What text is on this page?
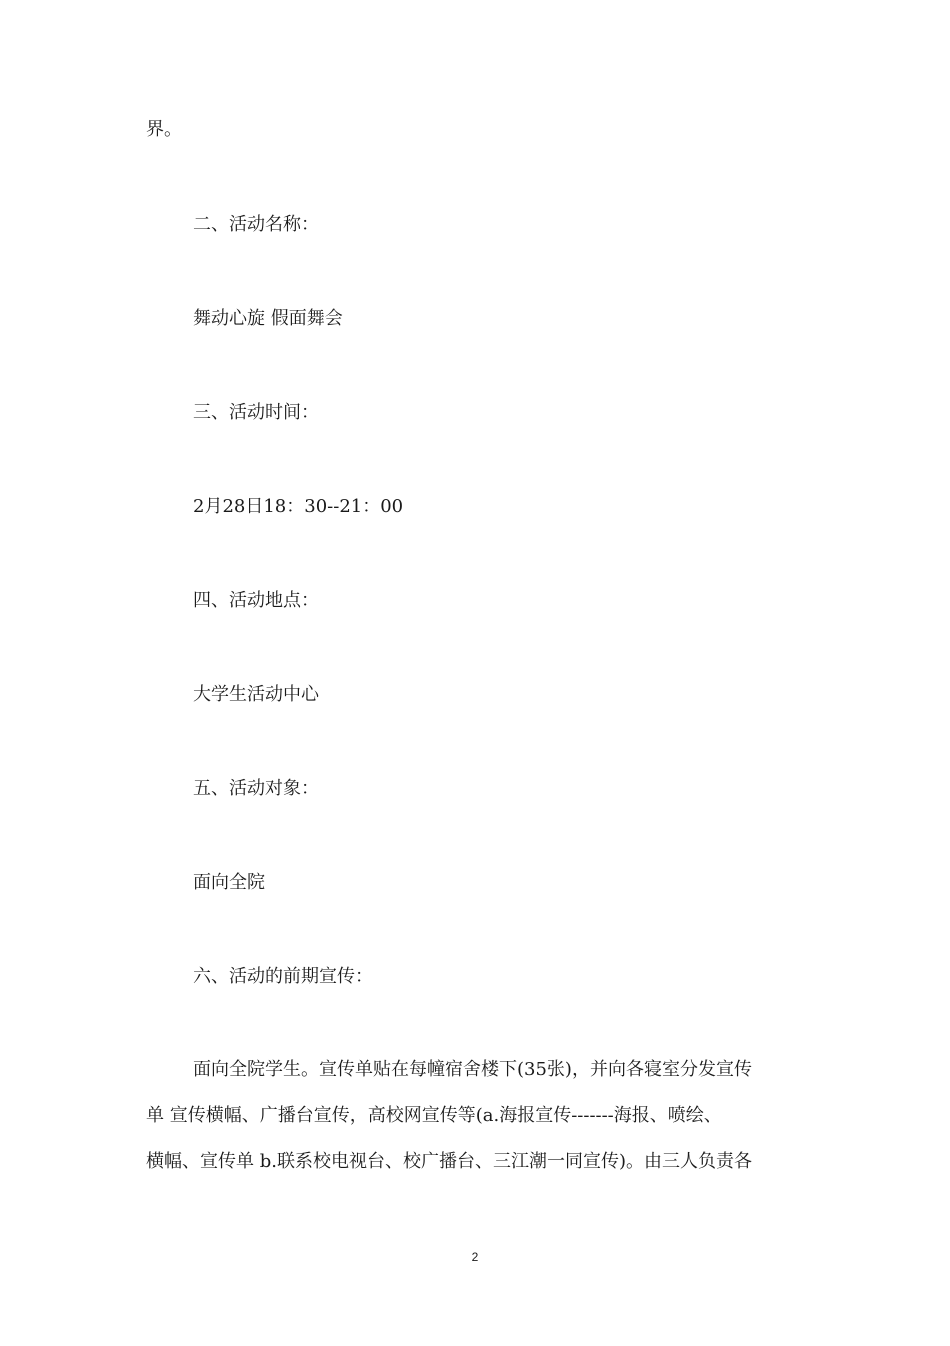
界。

二、活动名称：

舞动心旋 假面舞会

三、活动时间：

2月28日18：30--21：00

四、活动地点：

大学生活动中心

五、活动对象：

面向全院

六、活动的前期宣传：

面向全院学生。宣传单贴在每幢宿舍楼下(35张)，并向各寝室分发宣传
单 宣传横幅、广播台宣传，高校网宣传等(a.海报宣传-------海报、喷绘、
横幅、宣传单 b.联系校电视台、校广播台、三江潮一同宣传)。由三人负责各
2
